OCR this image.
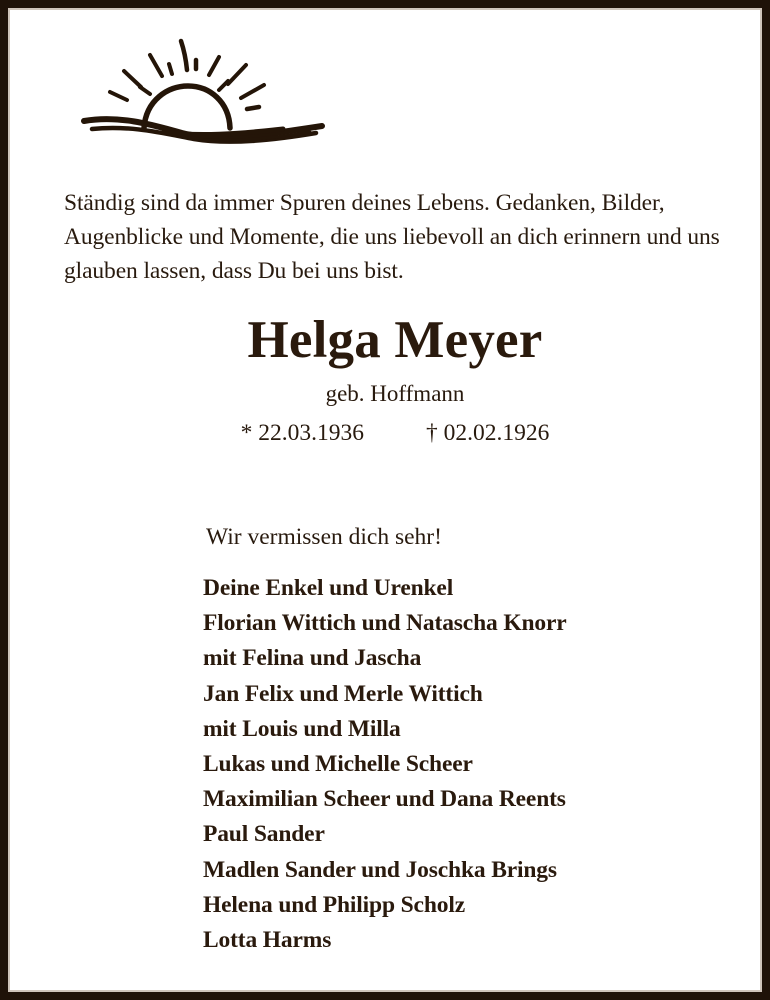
Ständig sind da immer Spuren deines Lebens. Gedanken, Bilder, Augenblicke und Momente, die uns liebevoll an dich erinnern und uns glauben lassen, dass Du bei uns bist.
Helga Meyer
geb. Hoffmann
* 22.03.1936	† 02.02.1926
Wir vermissen dich sehr!
Deine Enkel und Urenkel
Florian Wittich und Natascha Knorr
mit Felina und Jascha
Jan Felix und Merle Wittich
mit Louis und Milla
Lukas und Michelle Scheer
Maximilian Scheer und Dana Reents
Paul Sander
Madlen Sander und Joschka Brings
Helena und Philipp Scholz
Lotta Harms
